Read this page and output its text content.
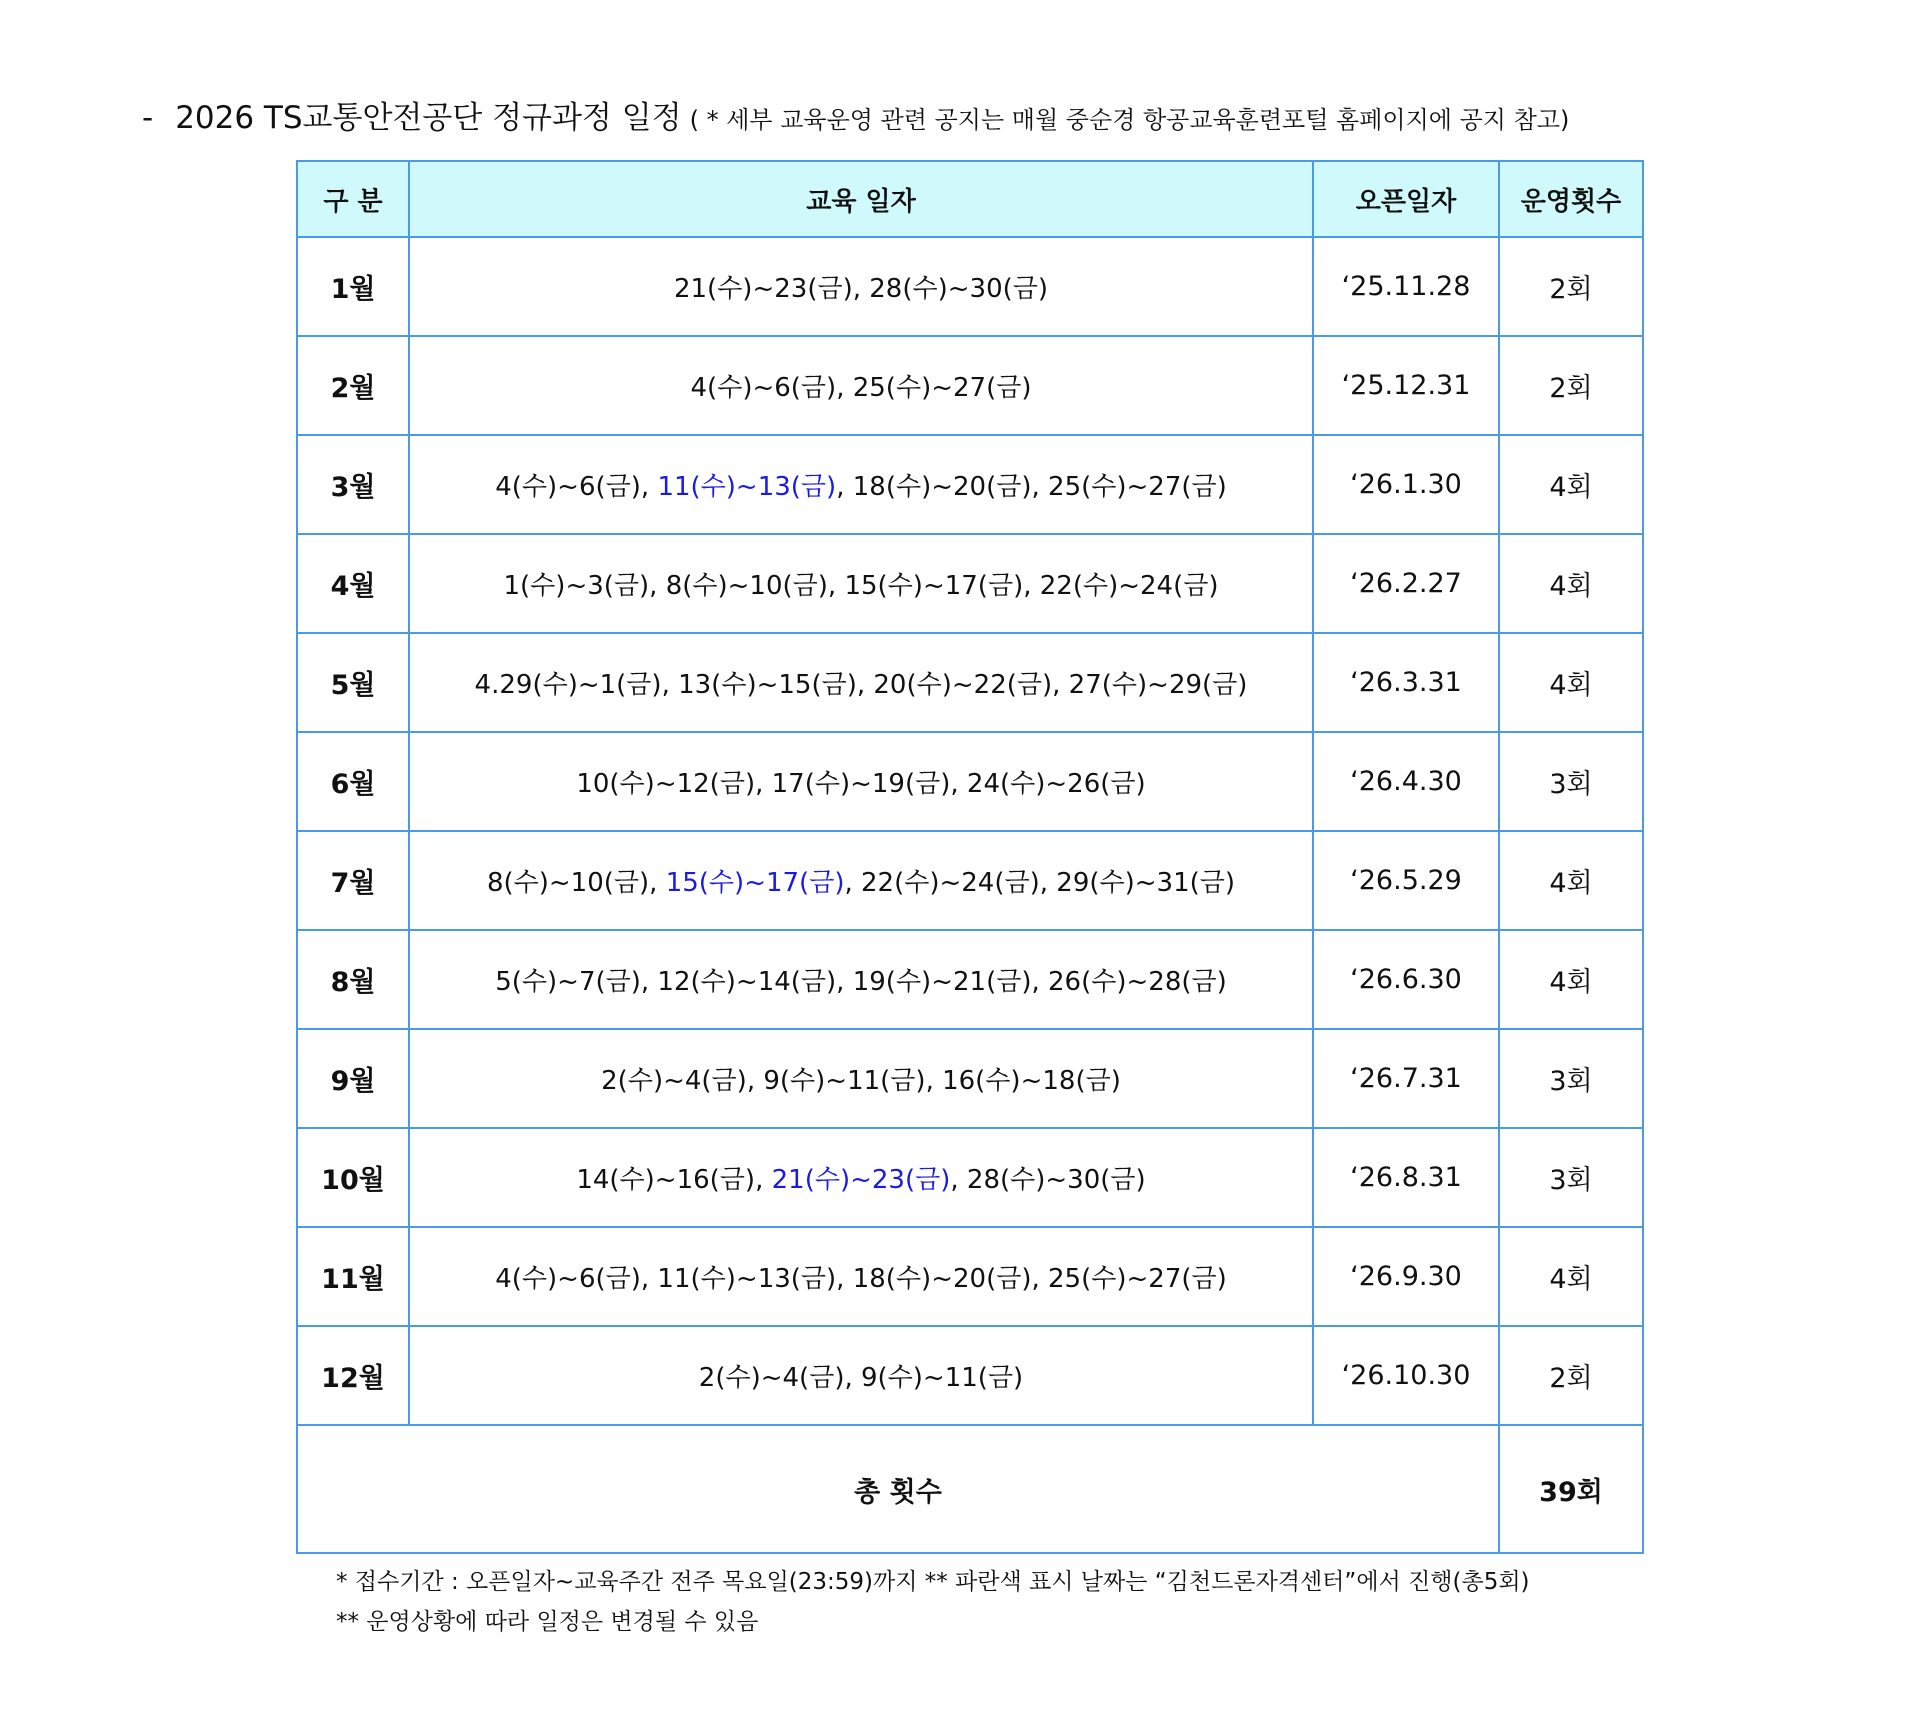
- 2026 TS교통안전공단 정규과정 일정 ( * 세부 교육운영 관련 공지는 매월 중순경 항공교육훈련포털 홈페이지에 공지 참고)
구 분	교육 일자	오픈일자	운영횟수
1월	21(수)~23(금), 28(수)~30(금)	‘25.11.28	2회
2월	4(수)~6(금), 25(수)~27(금)	‘25.12.31	2회
3월	4(수)~6(금), 11(수)~13(금), 18(수)~20(금), 25(수)~27(금)	‘26.1.30	4회
4월	1(수)~3(금), 8(수)~10(금), 15(수)~17(금), 22(수)~24(금)	‘26.2.27	4회
5월	4.29(수)~1(금), 13(수)~15(금), 20(수)~22(금), 27(수)~29(금)	‘26.3.31	4회
6월	10(수)~12(금), 17(수)~19(금), 24(수)~26(금)	‘26.4.30	3회
7월	8(수)~10(금), 15(수)~17(금), 22(수)~24(금), 29(수)~31(금)	‘26.5.29	4회
8월	5(수)~7(금), 12(수)~14(금), 19(수)~21(금), 26(수)~28(금)	‘26.6.30	4회
9월	2(수)~4(금), 9(수)~11(금), 16(수)~18(금)	‘26.7.31	3회
10월	14(수)~16(금), 21(수)~23(금), 28(수)~30(금)	‘26.8.31	3회
11월	4(수)~6(금), 11(수)~13(금), 18(수)~20(금), 25(수)~27(금)	‘26.9.30	4회
12월	2(수)~4(금), 9(수)~11(금)	‘26.10.30	2회
총 횟수			39회
* 접수기간 : 오픈일자~교육주간 전주 목요일(23:59)까지 ** 파란색 표시 날짜는 “김천드론자격센터”에서 진행(총5회)
** 운영상황에 따라 일정은 변경될 수 있음
